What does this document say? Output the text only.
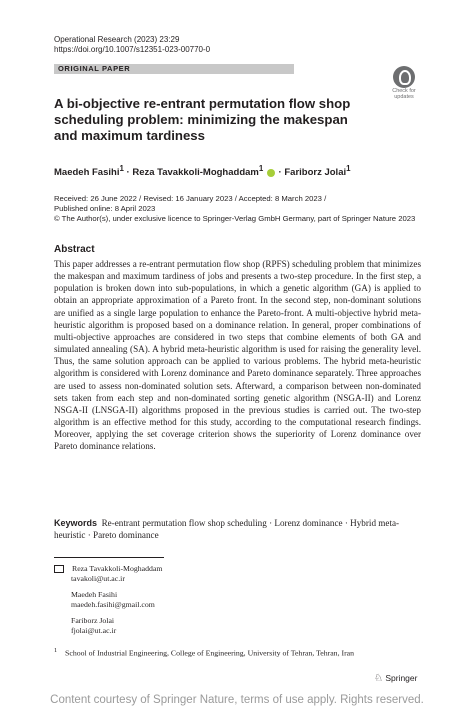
Operational Research (2023) 23:29
https://doi.org/10.1007/s12351-023-00770-0
ORIGINAL PAPER
Check for
updates
A bi-objective re-entrant permutation flow shop scheduling problem: minimizing the makespan and maximum tardiness
Maedeh Fasihi$^1$ · Reza Tavakkoli-Moghaddam$^1$  · Fariborz Jolai$^1$
Received: 26 June 2022 / Revised: 16 January 2023 / Accepted: 8 March 2023 /
Published online: 8 April 2023
© The Author(s), under exclusive licence to Springer-Verlag GmbH Germany, part of Springer Nature 2023
Abstract
This paper addresses a re-entrant permutation flow shop (RPFS) scheduling problem that minimizes the makespan and maximum tardiness of jobs and presents a two-step procedure. In the first step, a population is broken down into sub-populations, in which a genetic algorithm (GA) is applied to obtain an appropriate approximation of a Pareto front. In the second step, non-dominant solutions are unified as a single large population to enhance the Pareto-front. A multi-objective hybrid meta-heuristic algorithm is proposed based on a dominance relation. In general, proper combinations of multi-objective approaches are considered in two steps that combine elements of both GA and simulated annealing (SA). A hybrid meta-heuristic algorithm is used for raising the generality level. Thus, the same solution approach can be applied to various problems. The hybrid meta-heuristic algorithm is considered with Lorenz dominance and Pareto dominance separately. Three approaches are used to assess non-dominated solution sets. Afterward, a comparison between non-dominated sets taken from each step and non-dominated sorting genetic algorithm (NSGA-II) and Lorenz NSGA-II (LNSGA-II) algorithms proposed in the previous studies is carried out. The two-step algorithm is an effective method for this study, according to the computational research findings. Moreover, applying the set coverage criterion shows the superiority of Lorenz dominance over Pareto dominance relations.
Keywords Re-entrant permutation flow shop scheduling · Lorenz dominance · Hybrid meta-heuristic · Pareto dominance
Reza Tavakkoli-Moghaddam
tavakoli@ut.ac.ir
Maedeh Fasihi
maedeh.fasihi@gmail.com
Fariborz Jolai
fjolai@ut.ac.ir
$^1$ School of Industrial Engineering, College of Engineering, University of Tehran, Tehran, Iran
♘ Springer
Content courtesy of Springer Nature, terms of use apply. Rights reserved.
